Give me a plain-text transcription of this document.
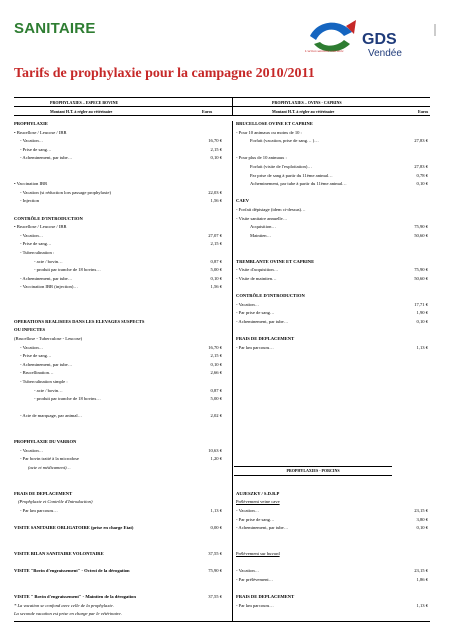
SANITAIRE
GDS
Vendée
L'action sanitaire ensemble
Tarifs de prophylaxie pour la campagne 2010/2011
PROPHYLAXIES – ESPECE BOVINE	PROPHYLAXIES – OVINS - CAPRINS
Montant H.T. à régler au vétérinaire	Euros	Montant H.T. à régler au vétérinaire	Euros
PROPHYLAXIE
• Brucellose / Leucose / IBR
- Vacation…	16,70 €
- Prise de sang…	2,15 €
- Acheminement, par tube…	0,10 €
• Vaccination IBR
- Vacation (si réduction lors passage prophylaxie)	22,03 €
- Injection	1,56 €
CONTRÔLE D'INTRODUCTION
• Brucellose / Leucose / IBR
- Vacation…	27,07 €
- Prise de sang…	2,15 €
- Tuberculination :
- acte / bovin…	0,87 €
- produit par tranche de 18 bovins…	5,00 €
- Acheminement, par tube…	0,10 €
- Vaccination IBR (injection)…	1,56 €
OPERATIONS REALISEES DANS LES ELEVAGES SUSPECTS
OU INFECTES
(Brucellose - Tuberculose - Leucose)
- Vacation…	16,70 €
- Prise de sang…	2,15 €
- Acheminement, par tube…	0,10 €
- Brucellination…	2,66 €
- Tuberculination simple :
- acte / bovin…	0,87 €
- produit par tranche de 18 bovins…	5,00 €
- Acte de marquage, par animal…	2,02 €
PROPHYLAXIE DU VARRON
- Vacation…	10,63 €
- Par bovin traité à la microdose	1,20 €
(acte et médicament)…
FRAIS DE DEPLACEMENT
(Prophylaxie et Contrôle d'Introduction)
- Par km parcouru…	1,13 €
VISITE SANITAIRE OBLIGATOIRE (prise en charge Etat)	0,00 €
VISITE BILAN SANITAIRE VOLONTAIRE	37,55 €
VISITE "Bovin d'engraissement" - Octroi de la dérogation	75,90 €
VISITE " Bovin d'engraissement" - Maintien de la dérogation	37,55 €
* La vacation se confond avec celle de la prophylaxie.
La seconde vacation est prise en charge par le vétérinaire.
BRUCELLOSE OVINE ET CAPRINE
- Pour 10 animaux ou moins de 10 :
Forfait (vacation, prise de sang… )…	27,83 €
- Pour plus de 10 animaux :
Forfait (visite de l'exploitation)…	27,83 €
Par prise de sang à partir du 11ème animal…	0,78 €
Acheminement, par tube à partir du 11ème animal…	0,10 €
CAEV
- Forfait dépistage (idem ci-dessus)…
- Visite sanitaire annuelle…
Acquisition…	75,90 €
Maintien…	50,60 €
TREMBLANTE OVINE ET CAPRINE
- Visite d'acquisition…	75,90 €
- Visite de maintien…	50,60 €
CONTRÔLE D'INTRODUCTION
- Vacation…	17,71 €
- Par prise de sang…	1,90 €
- Acheminement, par tube…	0,10 €
FRAIS DE DEPLACEMENT
- Par km parcouru…	1,13 €
AUJESZKY / S.D.R.P
Prélèvement veine cave
- Vacation…	23,15 €
- Par prise de sang…	3,80 €
- Acheminement, par tube…	0,10 €
Prélèvement sur buvard
- Vacation…	23,15 €
- Par prélèvement…	1,86 €
FRAIS DE DEPLACEMENT
- Par km parcouru…	1,13 €
PROPHYLAXIES - PORCINS
